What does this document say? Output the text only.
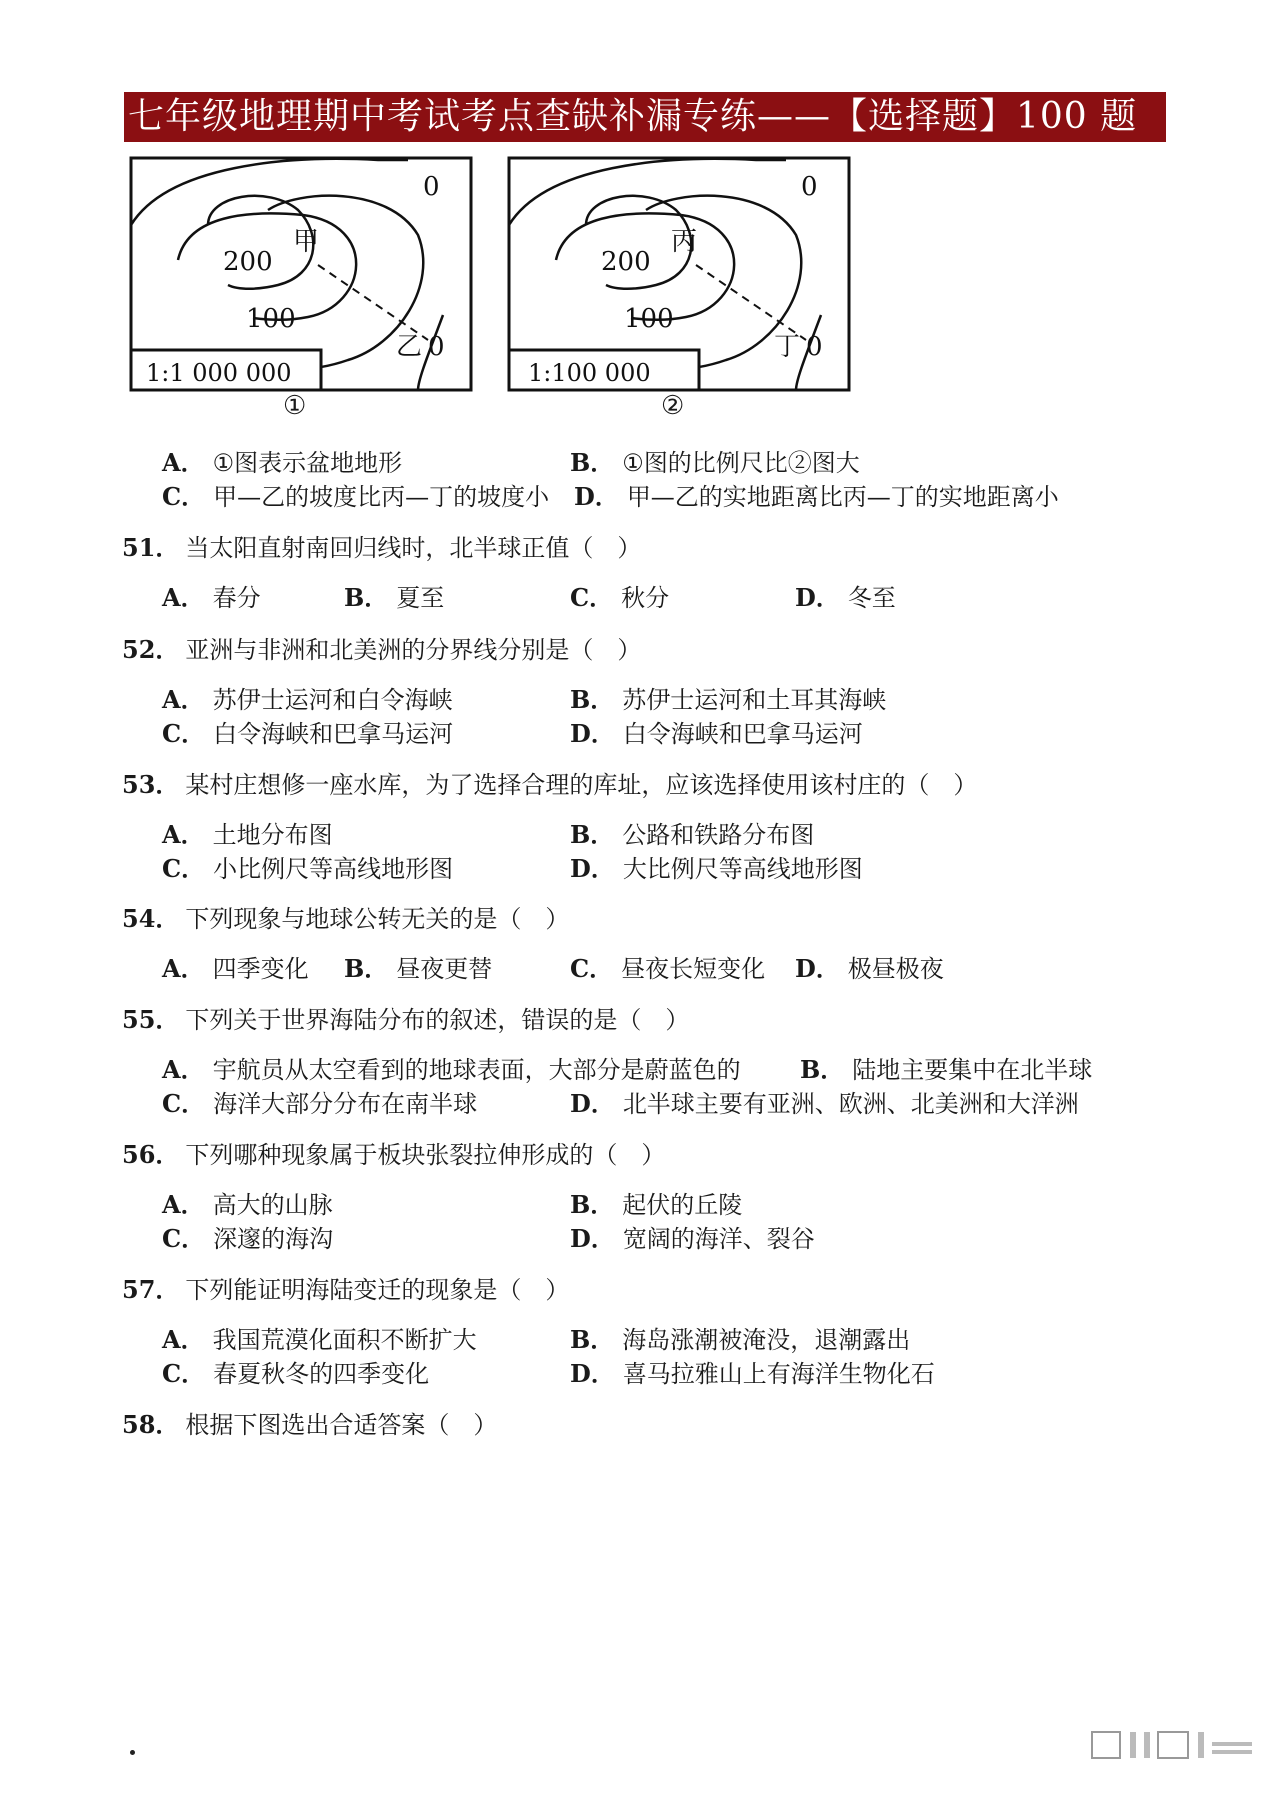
七年级地理期中考试考点查缺补漏专练——【选择题】100 题
1:1 000 000
0
200
100
0
甲
乙
①
1:100 000
0
200
100
0
丙
丁
②
A． ①图表示盆地地形	B． ①图的比例尺比②图大
C． 甲—乙的坡度比丙—丁的坡度小 D． 甲—乙的实地距离比丙—丁的实地距离小
51． 当太阳直射南回归线时，北半球正值（　）
A． 春分	B． 夏至	C． 秋分	D． 冬至
52． 亚洲与非洲和北美洲的分界线分别是（　）
A． 苏伊士运河和白令海峡	B． 苏伊士运河和土耳其海峡
C． 白令海峡和巴拿马运河	D． 白令海峡和巴拿马运河
53． 某村庄想修一座水库，为了选择合理的库址，应该选择使用该村庄的（　）
A． 土地分布图	B． 公路和铁路分布图
C． 小比例尺等高线地形图	D． 大比例尺等高线地形图
54． 下列现象与地球公转无关的是（　）
A． 四季变化 B． 昼夜更替	C． 昼夜长短变化 D． 极昼极夜
55． 下列关于世界海陆分布的叙述，错误的是（　）
A． 宇航员从太空看到的地球表面，大部分是蔚蓝色的 B． 陆地主要集中在北半球
C． 海洋大部分分布在南半球	D． 北半球主要有亚洲、欧洲、北美洲和大洋洲
56． 下列哪种现象属于板块张裂拉伸形成的（　）
A． 高大的山脉	B． 起伏的丘陵
C． 深邃的海沟	D． 宽阔的海洋、裂谷
57． 下列能证明海陆变迁的现象是（　）
A． 我国荒漠化面积不断扩大	B． 海岛涨潮被淹没，退潮露出
C． 春夏秋冬的四季变化	D． 喜马拉雅山上有海洋生物化石
58． 根据下图选出合适答案（　）
